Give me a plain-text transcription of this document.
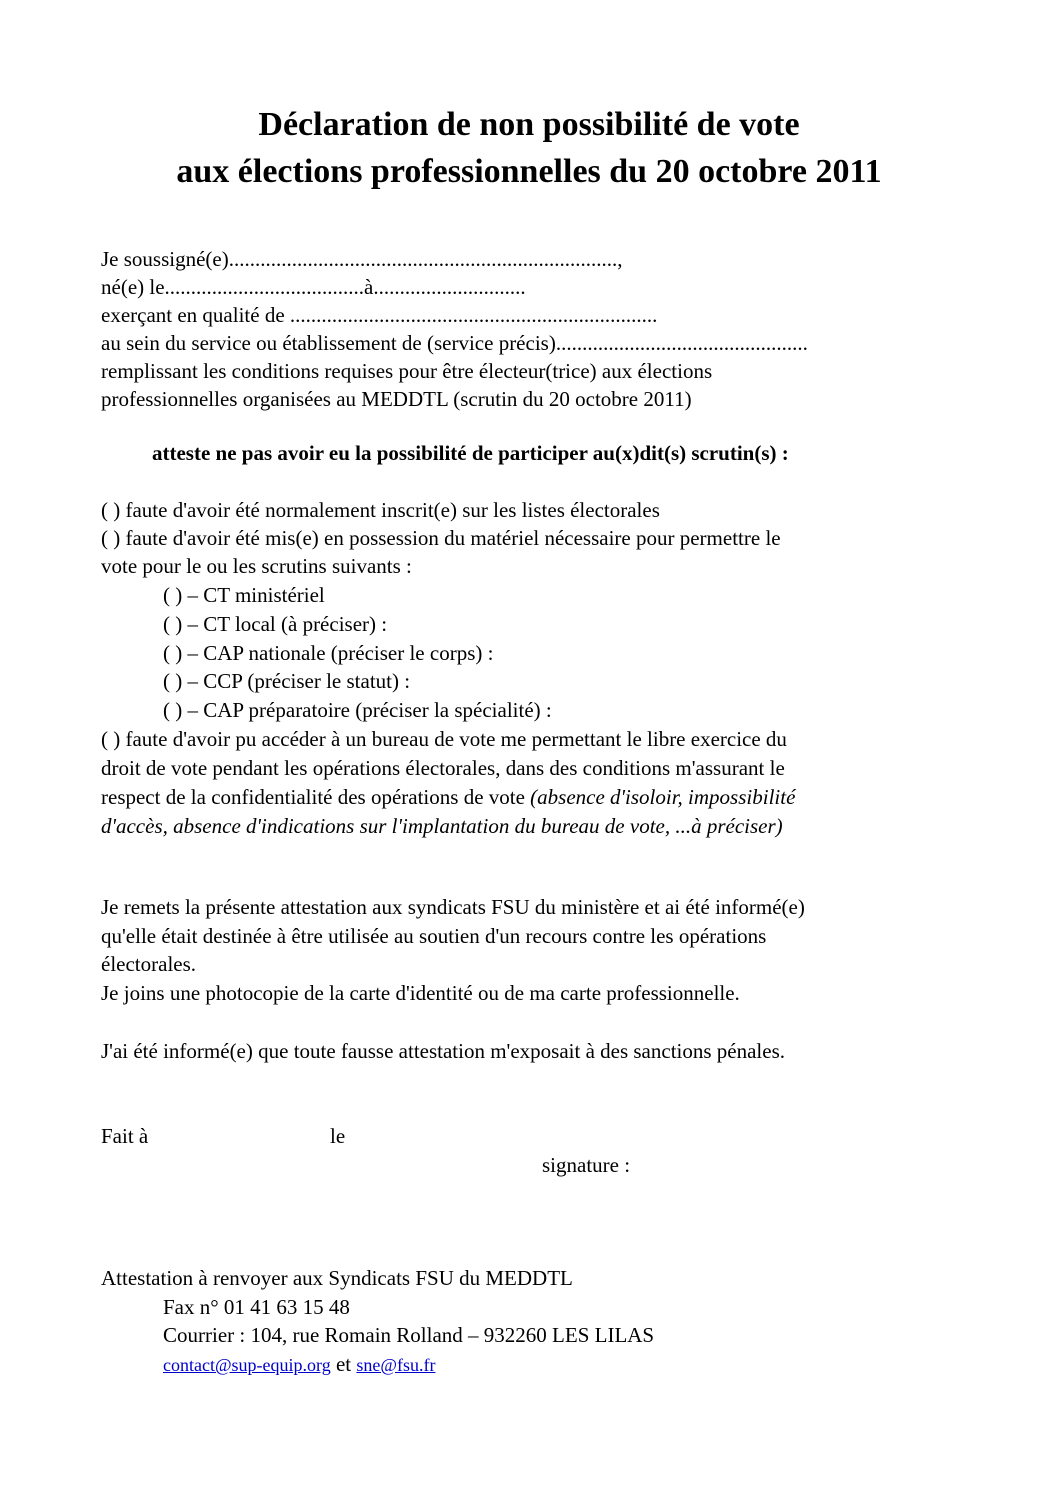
Déclaration de non possibilité de vote
aux élections professionnelles du 20 octobre 2011

Je soussigné(e)..........................................................................,

né(e) le......................................à.............................

exerçant en qualité de ......................................................................

au sein du service ou établissement de (service précis)................................................

remplissant les conditions requises pour être électeur(trice) aux élections

professionnelles organisées au MEDDTL (scrutin du 20 octobre 2011)

atteste ne pas avoir eu la possibilité de participer au(x)dit(s) scrutin(s) :

( ) faute d'avoir été normalement inscrit(e) sur les listes électorales

( ) faute d'avoir été mis(e) en possession du matériel nécessaire pour permettre le

vote pour le ou les scrutins suivants :

( ) – CT ministériel

( ) – CT local (à préciser) :

( ) – CAP nationale (préciser le corps) :

( ) – CCP (préciser le statut) :

( ) – CAP préparatoire (préciser la spécialité) :

( ) faute d'avoir pu accéder à un bureau de vote me permettant le libre exercice du

droit de vote pendant les opérations électorales, dans des conditions m'assurant le

respect de la confidentialité des opérations de vote (absence d'isoloir, impossibilité

d'accès, absence d'indications sur l'implantation du bureau de vote, ...à préciser)

Je remets la présente attestation aux syndicats FSU du ministère et ai été informé(e)

qu'elle était destinée à être utilisée au soutien d'un recours contre les opérations

électorales.

Je joins une photocopie de la carte d'identité ou de ma carte professionnelle.

J'ai été informé(e) que toute fausse attestation m'exposait à des sanctions pénales.

Fait à	le

signature :

Attestation à renvoyer aux Syndicats FSU du MEDDTL

Fax n° 01 41 63 15 48

Courrier : 104, rue Romain Rolland – 932260 LES LILAS

contact@sup-equip.org et sne@fsu.fr
